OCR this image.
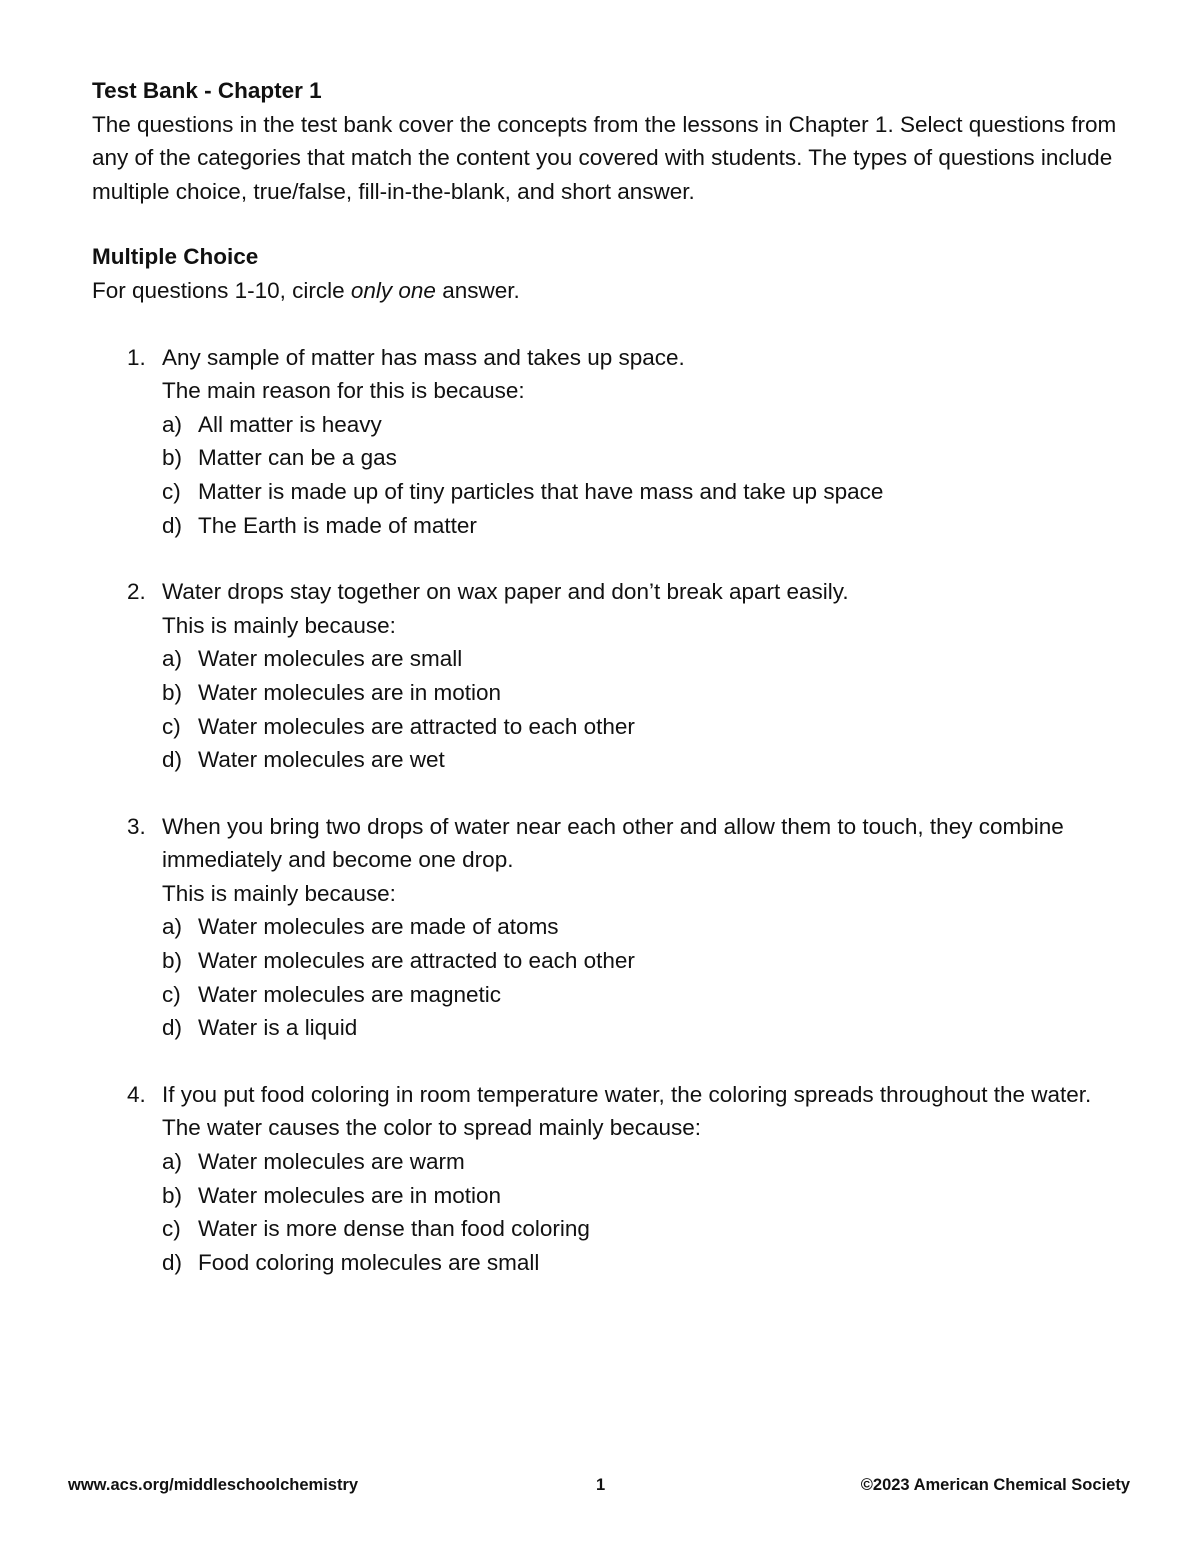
Test Bank - Chapter 1

The questions in the test bank cover the concepts from the lessons in Chapter 1. Select questions from any of the categories that match the content you covered with students. The types of questions include multiple choice, true/false, fill-in-the-blank, and short answer.

Multiple Choice

For questions 1-10, circle only one answer.

1. Any sample of matter has mass and takes up space.

The main reason for this is because:

a) All matter is heavy
b) Matter can be a gas
c) Matter is made up of tiny particles that have mass and take up space
d) The Earth is made of matter
2. Water drops stay together on wax paper and don’t break apart easily.

This is mainly because:

a) Water molecules are small
b) Water molecules are in motion
c) Water molecules are attracted to each other
d) Water molecules are wet
3. When you bring two drops of water near each other and allow them to touch, they combine immediately and become one drop.

This is mainly because:

a) Water molecules are made of atoms
b) Water molecules are attracted to each other
c) Water molecules are magnetic
d) Water is a liquid
4. If you put food coloring in room temperature water, the coloring spreads throughout the water. The water causes the color to spread mainly because:

a) Water molecules are warm
b) Water molecules are in motion
c) Water is more dense than food coloring
d) Food coloring molecules are small
www.acs.org/middleschoolchemistry	1	©2023 American Chemical Society
